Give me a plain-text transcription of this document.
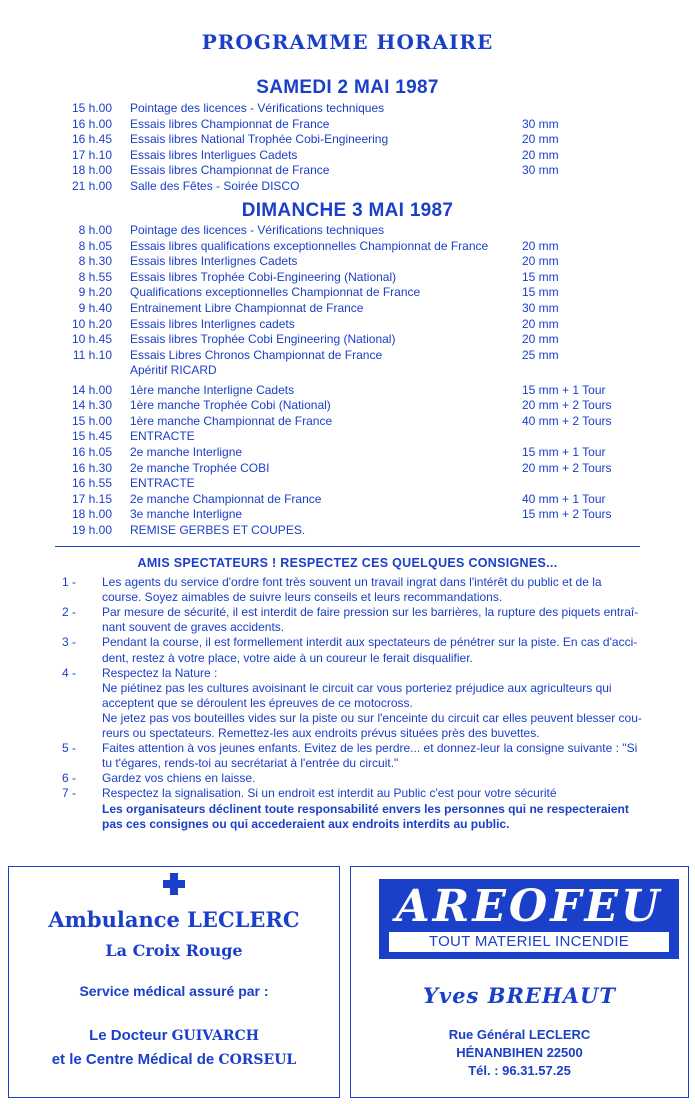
PROGRAMME HORAIRE
SAMEDI 2 MAI 1987
15 h.00 Pointage des licences - Vérifications techniques
16 h.00 Essais libres Championnat de France	30 mm
16 h.45 Essais libres National Trophée Cobi-Engineering	20 mm
17 h.10 Essais libres Interligues Cadets	20 mm
18 h.00 Essais libres Championnat de France	30 mm
21 h.00 Salle des Fêtes - Soirée DISCO
DIMANCHE 3 MAI 1987
8 h.00 Pointage des licences - Vérifications techniques
8 h.05 Essais libres qualifications exceptionnelles Championnat de France	20 mm
8 h.30 Essais libres Interlignes Cadets	20 mm
8 h.55 Essais libres Trophée Cobi-Engineering (National)	15 mm
9 h.20 Qualifications exceptionnelles Championnat de France	15 mm
9 h.40 Entrainement Libre Championnat de France	30 mm
10 h.20 Essais libres Interlignes cadets	20 mm
10 h.45 Essais libres Trophée Cobi Engineering (National)	20 mm
11 h.10 Essais Libres Chronos Championnat de France	25 mm
Apéritif RICARD
14 h.00 1ère manche Interligne Cadets	15 mm + 1 Tour
14 h.30 1ère manche Trophée Cobi (National)	20 mm + 2 Tours
15 h.00 1ère manche Championnat de France	40 mm + 2 Tours
15 h.45 ENTRACTE
16 h.05 2e manche Interligne	15 mm + 1 Tour
16 h.30 2e manche Trophée COBI	20 mm + 2 Tours
16 h.55 ENTRACTE
17 h.15 2e manche Championnat de France	40 mm + 1 Tour
18 h.00 3e manche Interligne	15 mm + 2 Tours
19 h.00 REMISE GERBES ET COUPES.
AMIS SPECTATEURS ! RESPECTEZ CES QUELQUES CONSIGNES...
1 - Les agents du service d'ordre font très souvent un travail ingrat dans l'intérêt du public et de la
course. Soyez aimables de suivre leurs conseils et leurs recommandations.
2 - Par mesure de sécurité, il est interdit de faire pression sur les barrières, la rupture des piquets entraî-
nant souvent de graves accidents.
3 - Pendant la course, il est formellement interdit aux spectateurs de pénétrer sur la piste. En cas d'acci-
dent, restez à votre place, votre aide à un coureur le ferait disqualifier.
4 - Respectez la Nature :
Ne piétinez pas les cultures avoisinant le circuit car vous porteriez préjudice aux agriculteurs qui
acceptent que se déroulent les épreuves de ce motocross.
Ne jetez pas vos bouteilles vides sur la piste ou sur l'enceinte du circuit car elles peuvent blesser cou-
reurs ou spectateurs. Remettez-les aux endroits prévus situées près des buvettes.
5 - Faites attention à vos jeunes enfants. Evitez de les perdre... et donnez-leur la consigne suivante : "Si
tu t'égares, rends-toi au secrétariat à l'entrée du circuit."
6 - Gardez vos chiens en laisse.
7 - Respectez la signalisation. Si un endroit est interdit au Public c'est pour votre sécurité
Les organisateurs déclinent toute responsabilité envers les personnes qui ne respecteraient
pas ces consignes ou qui accederaient aux endroits interdits au public.
Ambulance LECLERC
La Croix Rouge
Service médical assuré par :
Le Docteur GUIVARCH
et le Centre Médical de CORSEUL
AREOFEU
TOUT MATERIEL INCENDIE
Yves BREHAUT
Rue Général LECLERC
HÉNANBIHEN 22500
Tél. : 96.31.57.25
